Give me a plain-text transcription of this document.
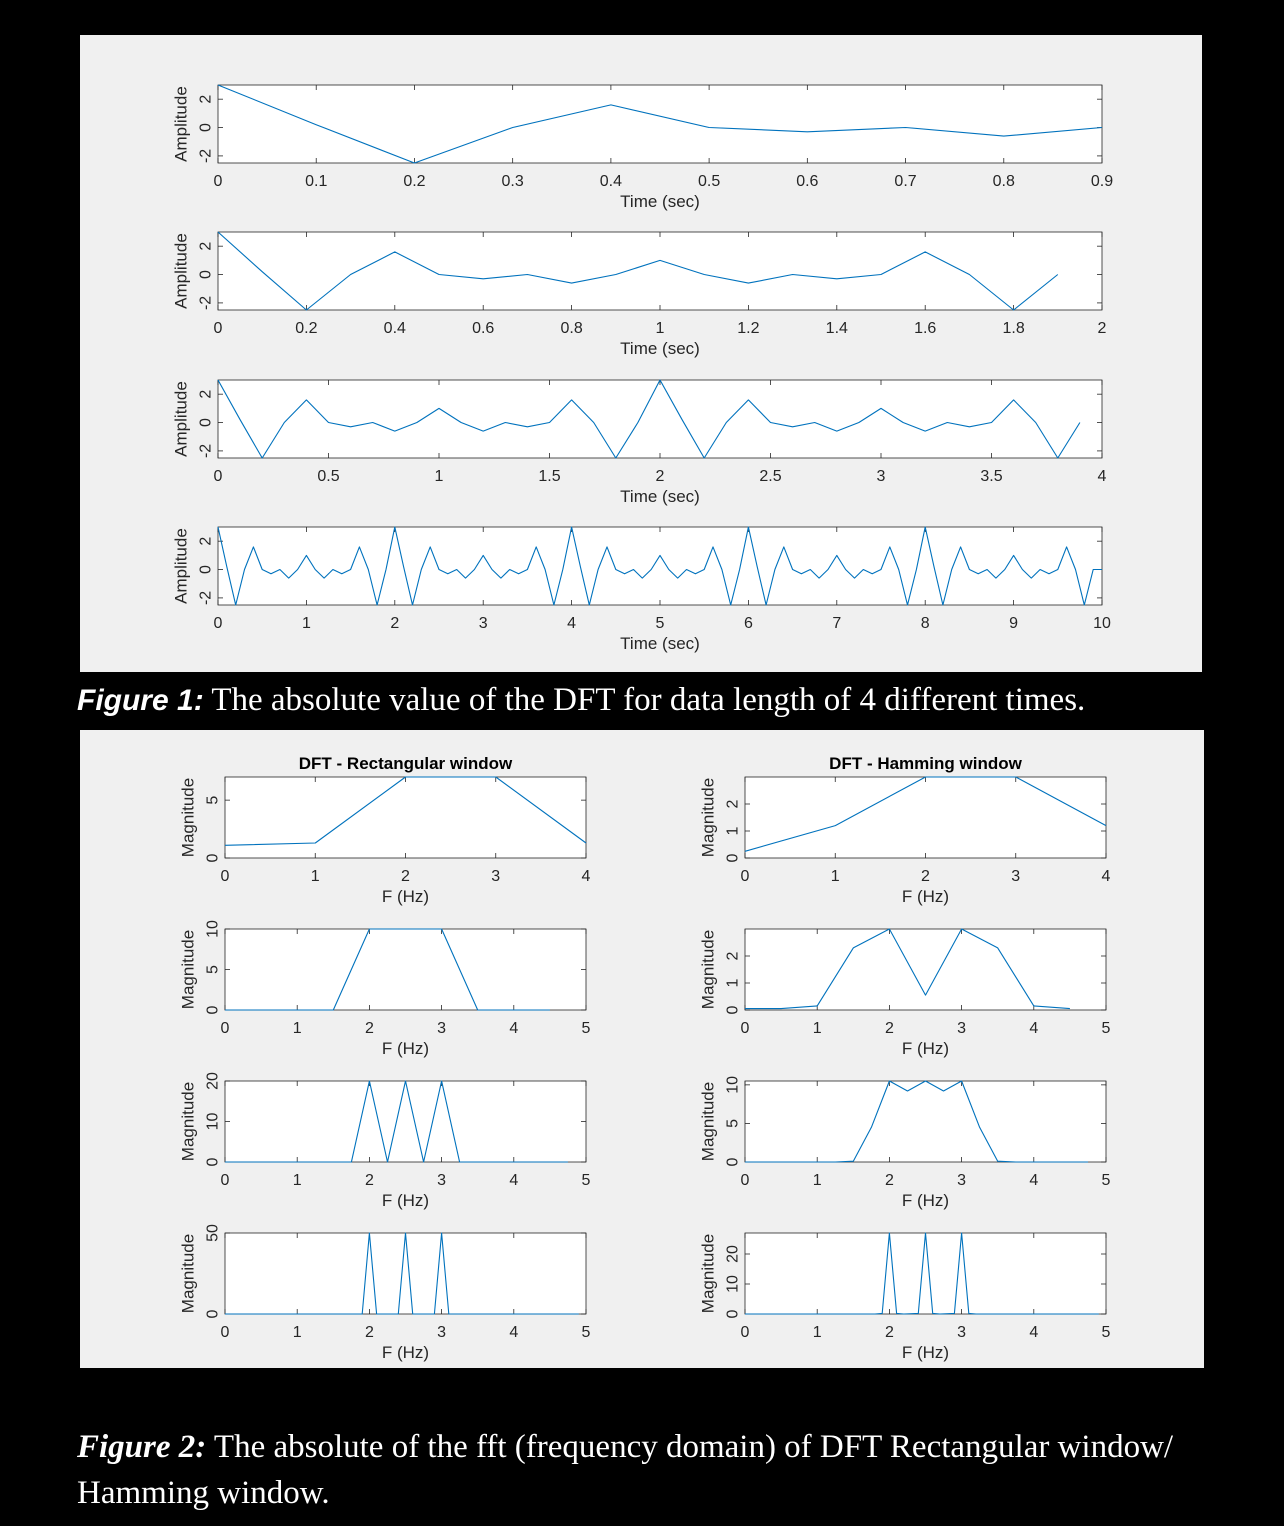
0	0.1	0.2	0.3	0.4	0.5	0.6	0.7	0.8	0.9
-2
0
2
Time (sec)
Amplitude
0	0.2	0.4	0.6	0.8	1	1.2	1.4	1.6	1.8	2
-2
0
2
Time (sec)
Amplitude
0	0.5	1	1.5	2	2.5	3	3.5	4
-2
0
2
Time (sec)
Amplitude
0	1	2	3	4	5	6	7	8	9	10
-2
0
2
Time (sec)
Amplitude
Figure 1: The absolute value of the DFT for data length of 4 different times.
0	1	2	3	4
0
5
F (Hz)
Magnitude
DFT - Rectangular window
0	1	2	3	4	5
0
5
10
F (Hz)
Magnitude
0	1	2	3	4	5
0
10
20
F (Hz)
Magnitude
0	1	2	3	4	5
0
50
F (Hz)
Magnitude
0	1	2	3	4
0
1
2
F (Hz)
Magnitude
DFT - Hamming window
0	1	2	3	4	5
0
1
2
F (Hz)
Magnitude
0	1	2	3	4	5
0
5
10
F (Hz)
Magnitude
0	1	2	3	4	5
0
10
20
F (Hz)
Magnitude
Figure 2: The absolute of the fft (frequency domain) of DFT Rectangular window/ Hamming window.
